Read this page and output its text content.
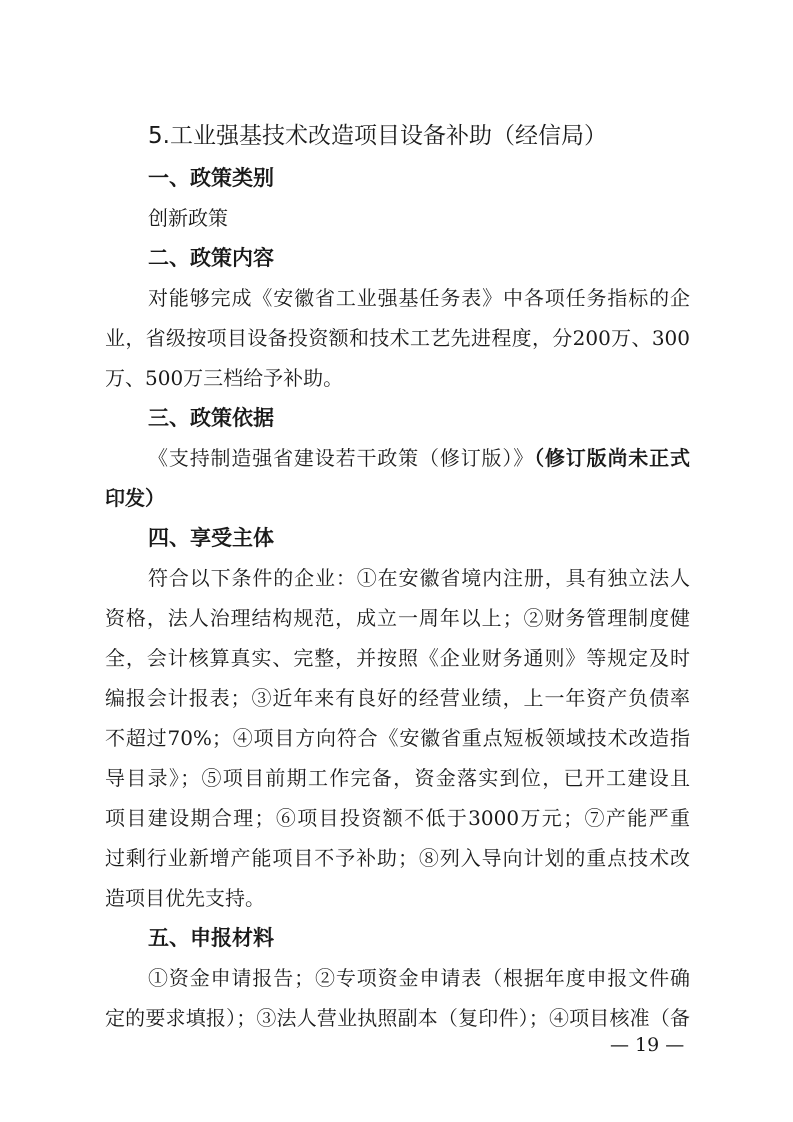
5.工业强基技术改造项目设备补助（经信局）
一、政策类别
创新政策
二、政策内容
对能够完成《安徽省工业强基任务表》中各项任务指标的企
业，省级按项目设备投资额和技术工艺先进程度，分200万、300
万、500万三档给予补助。
三、政策依据
《支持制造强省建设若干政策（修订版）》（修订版尚未正式
印发）
四、享受主体
符合以下条件的企业：①在安徽省境内注册，具有独立法人
资格，法人治理结构规范，成立一周年以上；②财务管理制度健
全，会计核算真实、完整，并按照《企业财务通则》等规定及时
编报会计报表；③近年来有良好的经营业绩，上一年资产负债率
不超过70%；④项目方向符合《安徽省重点短板领域技术改造指
导目录》；⑤项目前期工作完备，资金落实到位，已开工建设且
项目建设期合理；⑥项目投资额不低于3000万元；⑦产能严重
过剩行业新增产能项目不予补助；⑧列入导向计划的重点技术改
造项目优先支持。
五、申报材料
①资金申请报告；②专项资金申请表（根据年度申报文件确
定的要求填报）；③法人营业执照副本（复印件）；④项目核准（备
— 19 —
